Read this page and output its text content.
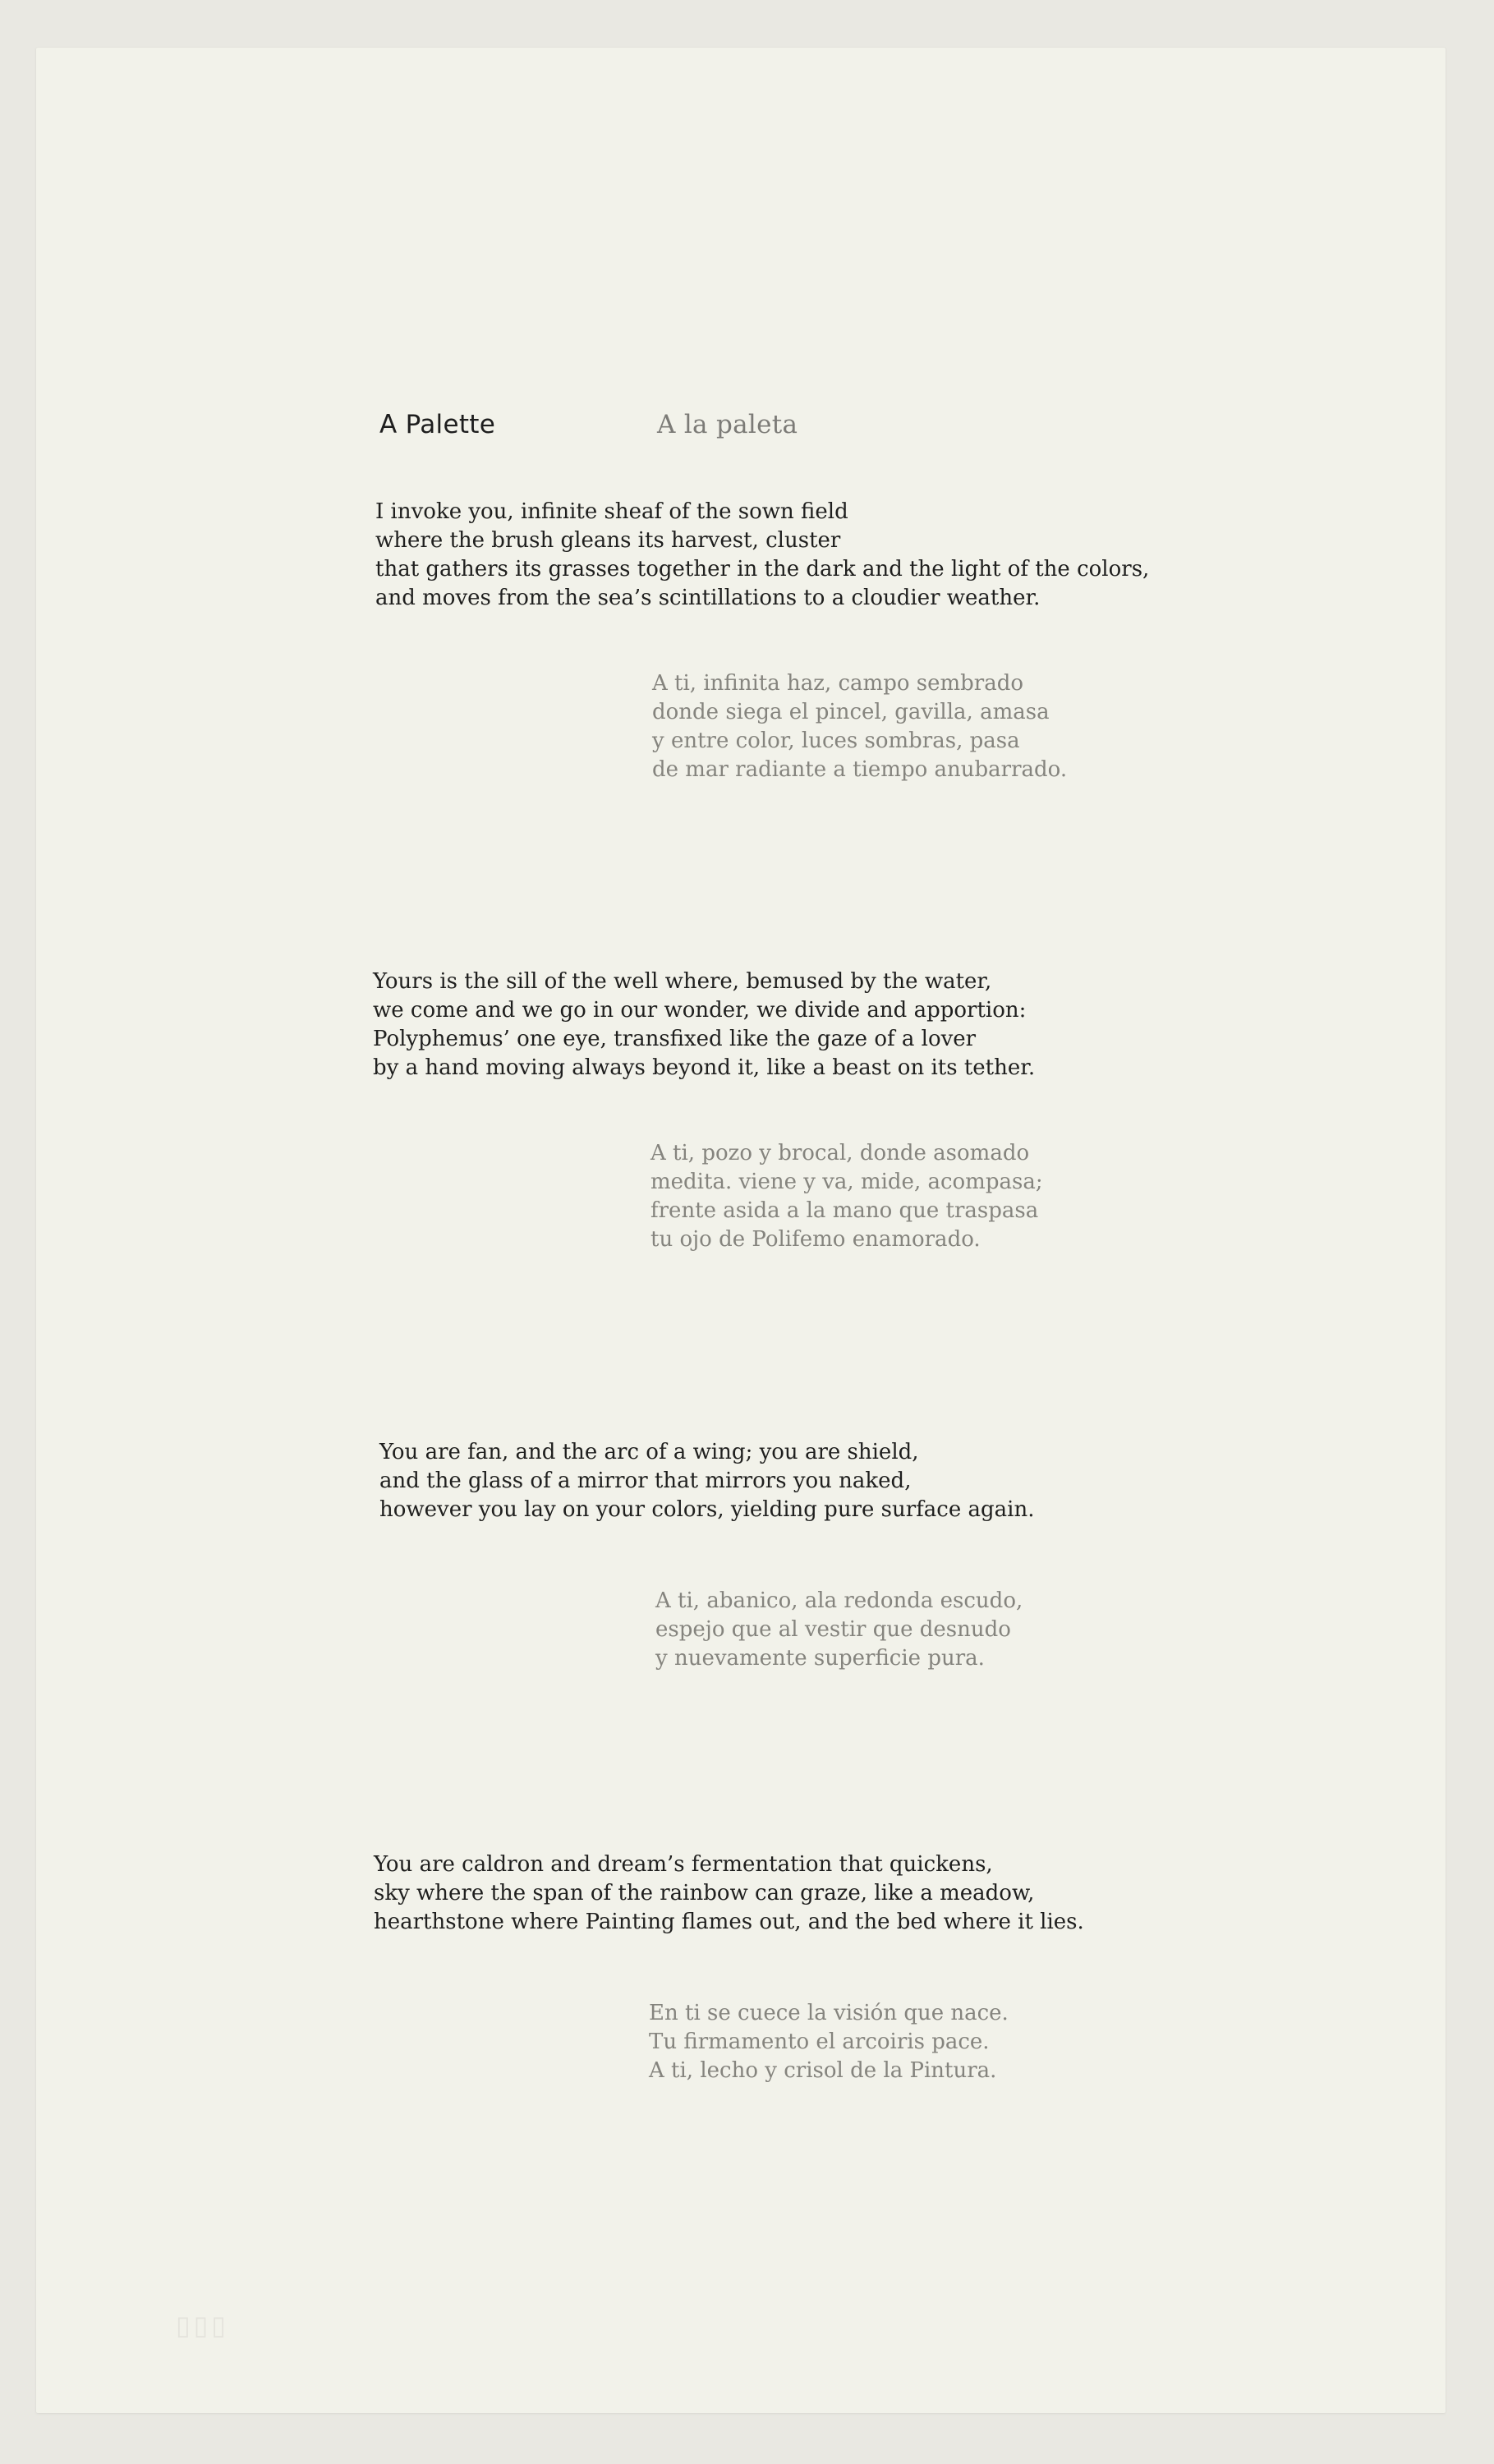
A Palette	A la paleta
I invoke you, infinite sheaf of the sown field
where the brush gleans its harvest, cluster
that gathers its grasses together in the dark and the light of the colors,
and moves from the sea’s scintillations to a cloudier weather.
A ti, infinita haz, campo sembrado
donde siega el pincel, gavilla, amasa
y entre color, luces sombras, pasa
de mar radiante a tiempo anubarrado.
Yours is the sill of the well where, bemused by the water,
we come and we go in our wonder, we divide and apportion:
Polyphemus’ one eye, transfixed like the gaze of a lover
by a hand moving always beyond it, like a beast on its tether.
A ti, pozo y brocal, donde asomado
medita. viene y va, mide, acompasa;
frente asida a la mano que traspasa
tu ojo de Polifemo enamorado.
You are fan, and the arc of a wing; you are shield,
and the glass of a mirror that mirrors you naked,
however you lay on your colors, yielding pure surface again.
A ti, abanico, ala redonda escudo,
espejo que al vestir que desnudo
y nuevamente superficie pura.
You are caldron and dream’s fermentation that quickens,
sky where the span of the rainbow can graze, like a meadow,
hearthstone where Painting flames out, and the bed where it lies.
En ti se cuece la visión que nace.
Tu firmamento el arcoiris pace.
A ti, lecho y crisol de la Pintura.
▯▯▯
